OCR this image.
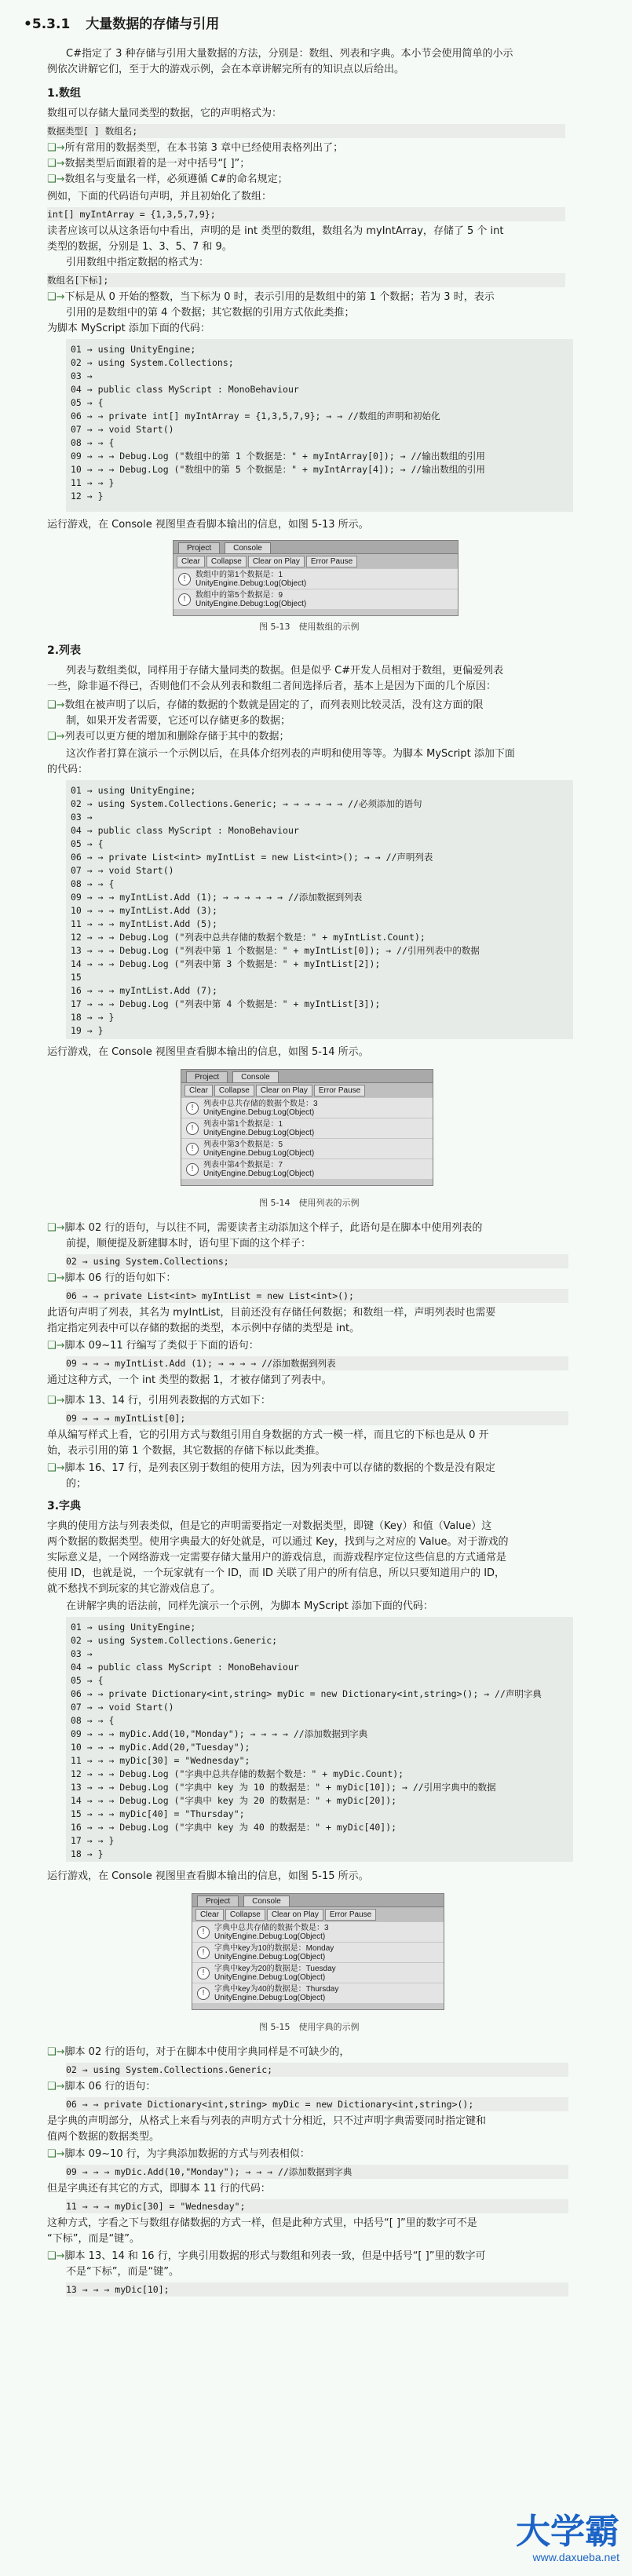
•5.3.1 大量数据的存储与引用
C#指定了 3 种存储与引用大量数据的方法，分别是：数组、列表和字典。本小节会使用简单的小示
例依次讲解它们，至于大的游戏示例，会在本章讲解完所有的知识点以后给出。
1.数组
数组可以存储大量同类型的数据，它的声明格式为：
数据类型[ ] 数组名;
❑→所有常用的数据类型，在本书第 3 章中已经使用表格列出了；
❑→数据类型后面跟着的是一对中括号“[ ]”；
❑→数组名与变量名一样，必须遵循 C#的命名规定；
例如，下面的代码语句声明，并且初始化了数组：
int[] myIntArray = {1,3,5,7,9};
读者应该可以从这条语句中看出，声明的是 int 类型的数组，数组名为 myIntArray，存储了 5 个 int
类型的数据，分别是 1、3、5、7 和 9。
引用数组中指定数据的格式为：
数组名[下标];
❑→下标是从 0 开始的整数，当下标为 0 时，表示引用的是数组中的第 1 个数据；若为 3 时，表示
引用的是数组中的第 4 个数据；其它数据的引用方式依此类推；
为脚本 MyScript 添加下面的代码：
01 → using UnityEngine;
02 → using System.Collections;
03 →
04 → public class MyScript : MonoBehaviour
05 → {
06 → → private int[] myIntArray = {1,3,5,7,9}; → → //数组的声明和初始化
07 → → void Start()
08 → → {
09 → → → Debug.Log ("数组中的第 1 个数据是：" + myIntArray[0]); → //输出数组的引用
10 → → → Debug.Log ("数组中的第 5 个数据是：" + myIntArray[4]); → //输出数组的引用
11 → → }
12 → }
运行游戏，在 Console 视图里查看脚本输出的信息，如图 5-13 所示。
Project	Console
Clear	Collapse	Clear on Play	Error Pause
!	数组中的第1个数据是：1
UnityEngine.Debug:Log(Object)
!	数组中的第5个数据是：9
UnityEngine.Debug:Log(Object)
图 5-13　使用数组的示例
2.列表
列表与数组类似，同样用于存储大量同类的数据。但是似乎 C#开发人员相对于数组，更偏爱列表
一些，除非逼不得已，否则他们不会从列表和数组二者间选择后者，基本上是因为下面的几个原因：
❑→数组在被声明了以后，存储的数据的个数就是固定的了，而列表则比较灵活，没有这方面的限
制，如果开发者需要，它还可以存储更多的数据；
❑→列表可以更方便的增加和删除存储于其中的数据；
这次作者打算在演示一个示例以后，在具体介绍列表的声明和使用等等。为脚本 MyScript 添加下面
的代码：
01 → using UnityEngine;
02 → using System.Collections.Generic; → → → → → → //必须添加的语句
03 →
04 → public class MyScript : MonoBehaviour
05 → {
06 → → private List<int> myIntList = new List<int>(); → → //声明列表
07 → → void Start()
08 → → {
09 → → → myIntList.Add (1); → → → → → → //添加数据到列表
10 → → → myIntList.Add (3);
11 → → → myIntList.Add (5);
12 → → → Debug.Log ("列表中总共存储的数据个数是：" + myIntList.Count);
13 → → → Debug.Log ("列表中第 1 个数据是：" + myIntList[0]); → //引用列表中的数据
14 → → → Debug.Log ("列表中第 3 个数据是：" + myIntList[2]);
15
16 → → → myIntList.Add (7);
17 → → → Debug.Log ("列表中第 4 个数据是：" + myIntList[3]);
18 → → }
19 → }
运行游戏，在 Console 视图里查看脚本输出的信息，如图 5-14 所示。
Project	Console
Clear	Collapse	Clear on Play	Error Pause
!	列表中总共存储的数据个数是：3
UnityEngine.Debug:Log(Object)
!	列表中第1个数据是：1
UnityEngine.Debug:Log(Object)
!	列表中第3个数据是：5
UnityEngine.Debug:Log(Object)
!	列表中第4个数据是：7
UnityEngine.Debug:Log(Object)
图 5-14　使用列表的示例
❑→脚本 02 行的语句，与以往不同，需要读者主动添加这个样子，此语句是在脚本中使用列表的
前提，顺便提及新建脚本时，语句里下面的这个样子：
02 → using System.Collections;
❑→脚本 06 行的语句如下：
06 → → private List<int> myIntList = new List<int>();
此语句声明了列表，其名为 myIntList，目前还没有存储任何数据；和数组一样，声明列表时也需要
指定指定列表中可以存储的数据的类型，本示例中存储的类型是 int。
❑→脚本 09~11 行编写了类似于下面的语句：
09 → → → myIntList.Add (1); → → → → //添加数据到列表
通过这种方式，一个 int 类型的数据 1，才被存储到了列表中。
❑→脚本 13、14 行，引用列表数据的方式如下：
09 → → → myIntList[0];
单从编写样式上看，它的引用方式与数组引用自身数据的方式一模一样，而且它的下标也是从 0 开
始，表示引用的第 1 个数据，其它数据的存储下标以此类推。
❑→脚本 16、17 行，是列表区别于数组的使用方法，因为列表中可以存储的数据的个数是没有限定
的；
3.字典
字典的使用方法与列表类似，但是它的声明需要指定一对数据类型，即键（Key）和值（Value）这
两个数据的数据类型。使用字典最大的好处就是，可以通过 Key，找到与之对应的 Value。对于游戏的
实际意义是，一个网络游戏一定需要存储大量用户的游戏信息，而游戏程序定位这些信息的方式通常是
使用 ID，也就是说，一个玩家就有一个 ID，而 ID 关联了用户的所有信息，所以只要知道用户的 ID，
就不愁找不到玩家的其它游戏信息了。
在讲解字典的语法前，同样先演示一个示例，为脚本 MyScript 添加下面的代码：
01 → using UnityEngine;
02 → using System.Collections.Generic;
03 →
04 → public class MyScript : MonoBehaviour
05 → {
06 → → private Dictionary<int,string> myDic = new Dictionary<int,string>(); → //声明字典
07 → → void Start()
08 → → {
09 → → → myDic.Add(10,"Monday"); → → → → //添加数据到字典
10 → → → myDic.Add(20,"Tuesday");
11 → → → myDic[30] = "Wednesday";
12 → → → Debug.Log ("字典中总共存储的数据个数是：" + myDic.Count);
13 → → → Debug.Log ("字典中 key 为 10 的数据是：" + myDic[10]); → //引用字典中的数据
14 → → → Debug.Log ("字典中 key 为 20 的数据是：" + myDic[20]);
15 → → → myDic[40] = "Thursday";
16 → → → Debug.Log ("字典中 key 为 40 的数据是：" + myDic[40]);
17 → → }
18 → }
运行游戏，在 Console 视图里查看脚本输出的信息，如图 5-15 所示。
Project	Console
Clear	Collapse	Clear on Play	Error Pause
!	字典中总共存储的数据个数是：3
UnityEngine.Debug:Log(Object)
!	字典中key为10的数据是：Monday
UnityEngine.Debug:Log(Object)
!	字典中key为20的数据是：Tuesday
UnityEngine.Debug:Log(Object)
!	字典中key为40的数据是：Thursday
UnityEngine.Debug:Log(Object)
图 5-15　使用字典的示例
❑→脚本 02 行的语句，对于在脚本中使用字典同样是不可缺少的，
02 → using System.Collections.Generic;
❑→脚本 06 行的语句：
06 → → private Dictionary<int,string> myDic = new Dictionary<int,string>();
是字典的声明部分，从格式上来看与列表的声明方式十分相近，只不过声明字典需要同时指定键和
值两个数据的数据类型。
❑→脚本 09~10 行，为字典添加数据的方式与列表相似：
09 → → → myDic.Add(10,"Monday"); → → → //添加数据到字典
但是字典还有其它的方式，即脚本 11 行的代码：
11 → → → myDic[30] = "Wednesday";
这种方式，字看之下与数组存储数据的方式一样，但是此种方式里，中括号“[ ]”里的数字可不是
“下标”，而是“键”。
❑→脚本 13、14 和 16 行，字典引用数据的形式与数组和列表一致，但是中括号“[ ]”里的数字可
不是“下标”，而是“键”。
13 → → → myDic[10];
大学霸
www.daxueba.net
